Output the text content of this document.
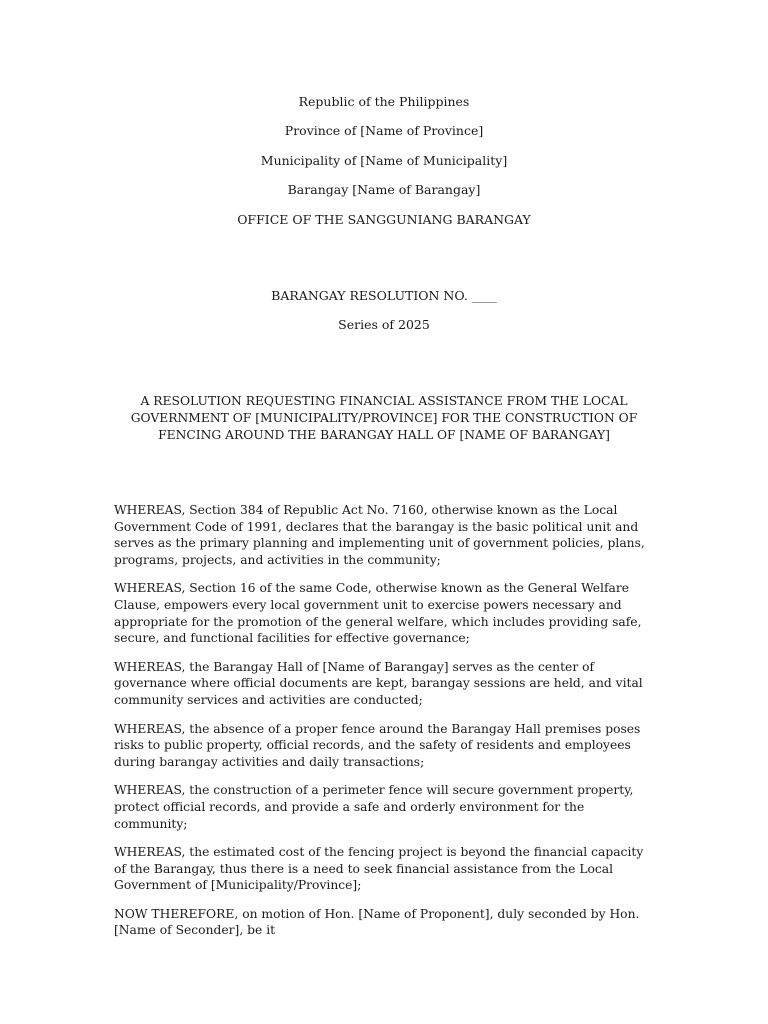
Republic of the Philippines

Province of [Name of Province]

Municipality of [Name of Municipality]

Barangay [Name of Barangay]

OFFICE OF THE SANGGUNIANG BARANGAY

BARANGAY RESOLUTION NO. ____

Series of 2025

A RESOLUTION REQUESTING FINANCIAL ASSISTANCE FROM THE LOCAL GOVERNMENT OF [MUNICIPALITY/PROVINCE] FOR THE CONSTRUCTION OF FENCING AROUND THE BARANGAY HALL OF [NAME OF BARANGAY]

WHEREAS, Section 384 of Republic Act No. 7160, otherwise known as the Local Government Code of 1991, declares that the barangay is the basic political unit and serves as the primary planning and implementing unit of government policies, plans, programs, projects, and activities in the community;

WHEREAS, Section 16 of the same Code, otherwise known as the General Welfare Clause, empowers every local government unit to exercise powers necessary and appropriate for the promotion of the general welfare, which includes providing safe, secure, and functional facilities for effective governance;

WHEREAS, the Barangay Hall of [Name of Barangay] serves as the center of governance where official documents are kept, barangay sessions are held, and vital community services and activities are conducted;

WHEREAS, the absence of a proper fence around the Barangay Hall premises poses risks to public property, official records, and the safety of residents and employees during barangay activities and daily transactions;

WHEREAS, the construction of a perimeter fence will secure government property, protect official records, and provide a safe and orderly environment for the community;

WHEREAS, the estimated cost of the fencing project is beyond the financial capacity of the Barangay, thus there is a need to seek financial assistance from the Local Government of [Municipality/Province];

NOW THEREFORE, on motion of Hon. [Name of Proponent], duly seconded by Hon. [Name of Seconder], be it
